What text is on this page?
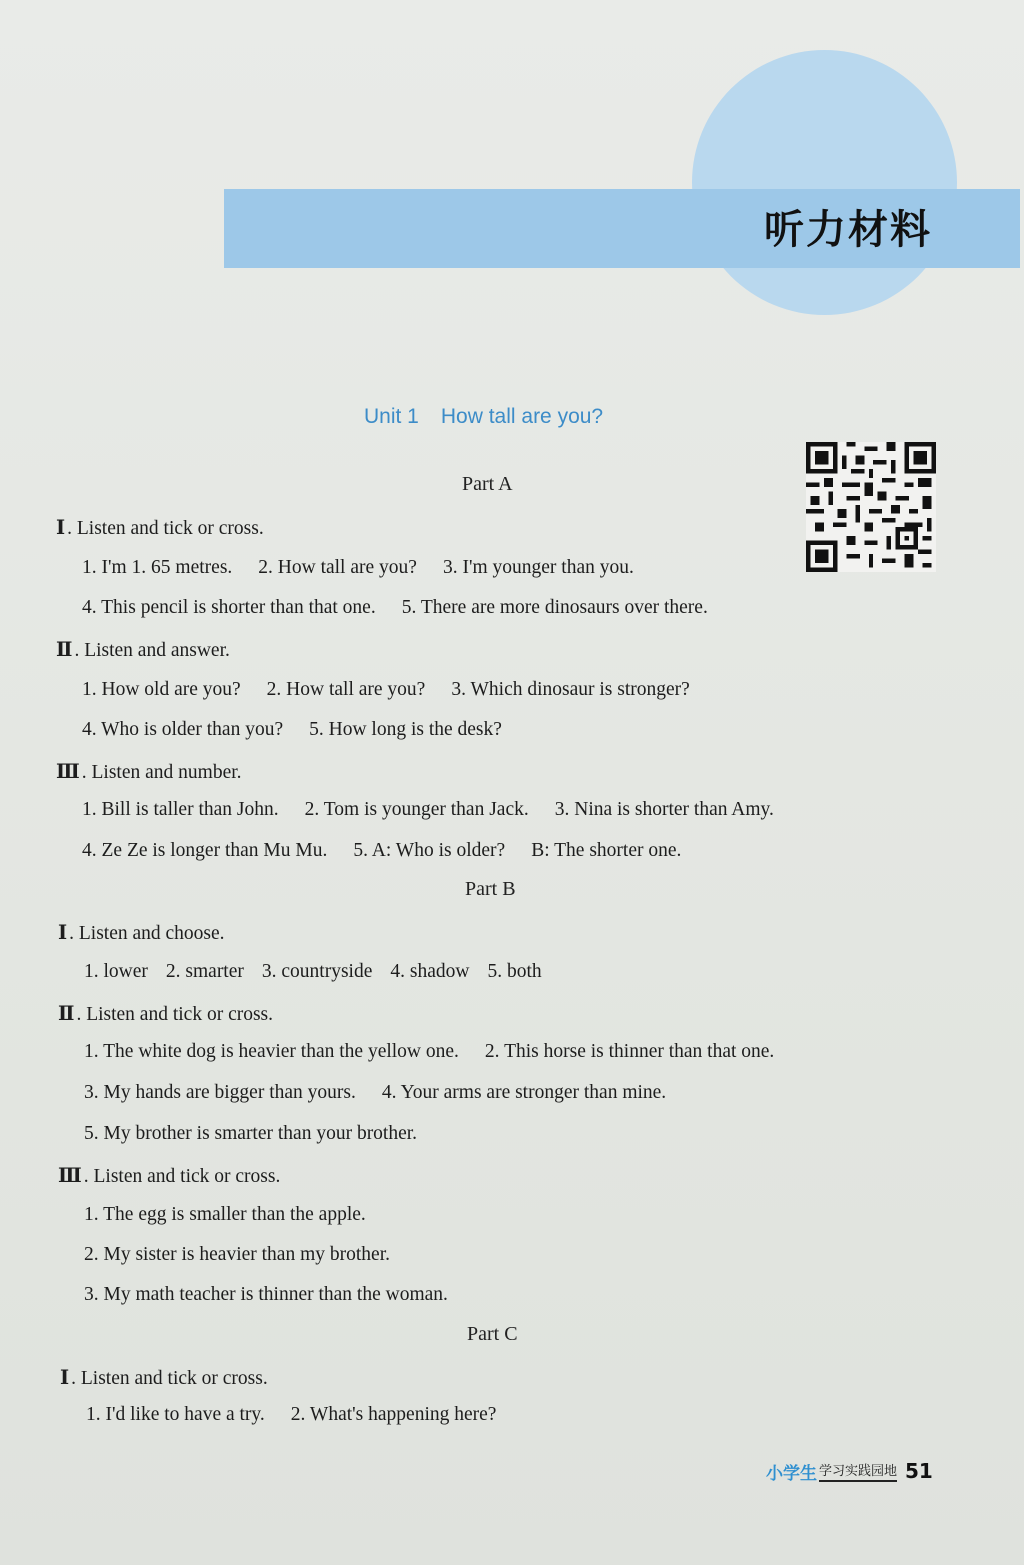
听力材料
Unit 1 How tall are you?
Part A
Ⅰ . Listen and tick or cross.
1. I'm 1. 65 metres. 2. How tall are you? 3. I'm younger than you.
4. This pencil is shorter than that one. 5. There are more dinosaurs over there.
Ⅱ . Listen and answer.
1. How old are you? 2. How tall are you? 3. Which dinosaur is stronger?
4. Who is older than you? 5. How long is the desk?
Ⅲ . Listen and number.
1. Bill is taller than John. 2. Tom is younger than Jack. 3. Nina is shorter than Amy.
4. Ze Ze is longer than Mu Mu. 5. A: Who is older? B: The shorter one.
Part B
Ⅰ . Listen and choose.
1. lower 2. smarter 3. countryside 4. shadow 5. both
Ⅱ . Listen and tick or cross.
1. The white dog is heavier than the yellow one. 2. This horse is thinner than that one.
3. My hands are bigger than yours. 4. Your arms are stronger than mine.
5. My brother is smarter than your brother.
Ⅲ . Listen and tick or cross.
1. The egg is smaller than the apple.
2. My sister is heavier than my brother.
3. My math teacher is thinner than the woman.
Part C
Ⅰ . Listen and tick or cross.
1. I'd like to have a try. 2. What's happening here?
小学生 学习实践园地 51
